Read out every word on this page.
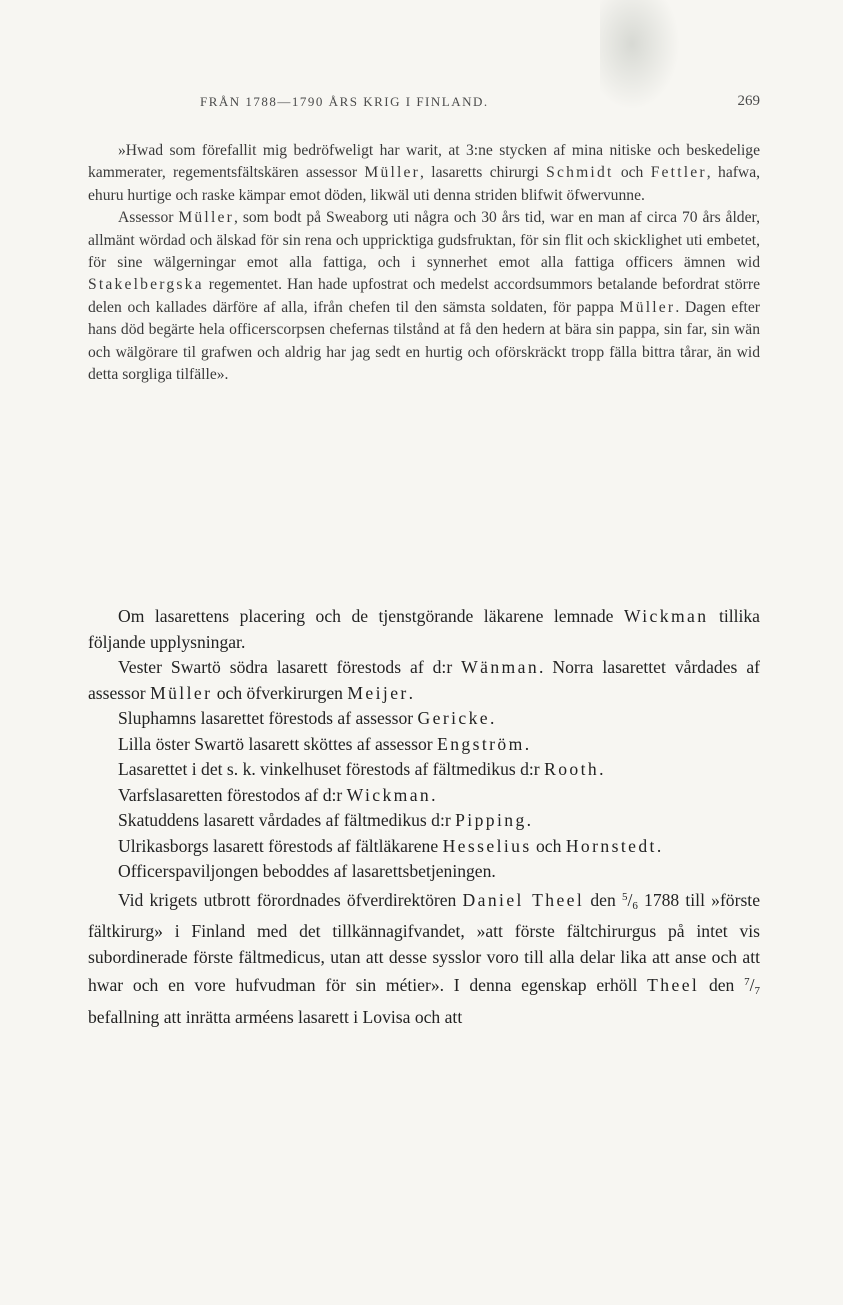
FRÅN 1788—1790 ÅRS KRIG I FINLAND.	269

»Hwad som förefallit mig bedröfweligt har warit, at 3:ne stycken af mina nitiske och beskedelige kammerater, regementsfältskären assessor Müller, lasaretts chirurgi Schmidt och Fettler, hafwa, ehuru hurtige och raske kämpar emot döden, likwäl uti denna striden blifwit öfwervunne.

Assessor Müller, som bodt på Sweaborg uti några och 30 års tid, war en man af circa 70 års ålder, allmänt wördad och älskad för sin rena och uppricktiga gudsfruktan, för sin flit och skicklighet uti embetet, för sine wälgerningar emot alla fattiga, och i synnerhet emot alla fattiga officers ämnen wid Stakelbergska regementet. Han hade upfostrat och medelst accordsummors betalande befordrat större delen och kallades därföre af alla, ifrån chefen til den sämsta soldaten, för pappa Müller. Dagen efter hans död begärte hela officerscorpsen chefernas tilstånd at få den hedern at bära sin pappa, sin far, sin wän och wälgörare til grafwen och aldrig har jag sedt en hurtig och oförskräckt tropp fälla bittra tårar, än wid detta sorgliga tilfälle».

Om lasarettens placering och de tjenstgörande läkarene lemnade Wickman tillika följande upplysningar.

Vester Swartö södra lasarett förestods af d:r Wänman. Norra lasarettet vårdades af assessor Müller och öfverkirurgen Meijer.

Sluphamns lasarettet förestods af assessor Gericke.

Lilla öster Swartö lasarett sköttes af assessor Engström.

Lasarettet i det s. k. vinkelhuset förestods af fältmedikus d:r Rooth.

Varfslasaretten förestodos af d:r Wickman.

Skatuddens lasarett vårdades af fältmedikus d:r Pipping.

Ulrikasborgs lasarett förestods af fältläkarene Hesselius och Hornstedt.

Officerspaviljongen beboddes af lasarettsbetjeningen.

Vid krigets utbrott förordnades öfverdirektören Daniel Theel den $^5/_6$ 1788 till »förste fältkirurg» i Finland med det tillkännagifvandet, »att förste fältchirurgus på intet vis subordinerade förste fältmedicus, utan att desse sysslor voro till alla delar lika att anse och att hwar och en vore hufvudman för sin métier». I denna egenskap erhöll Theel den $^7/_7$ befallning att inrätta arméens lasarett i Lovisa och att
